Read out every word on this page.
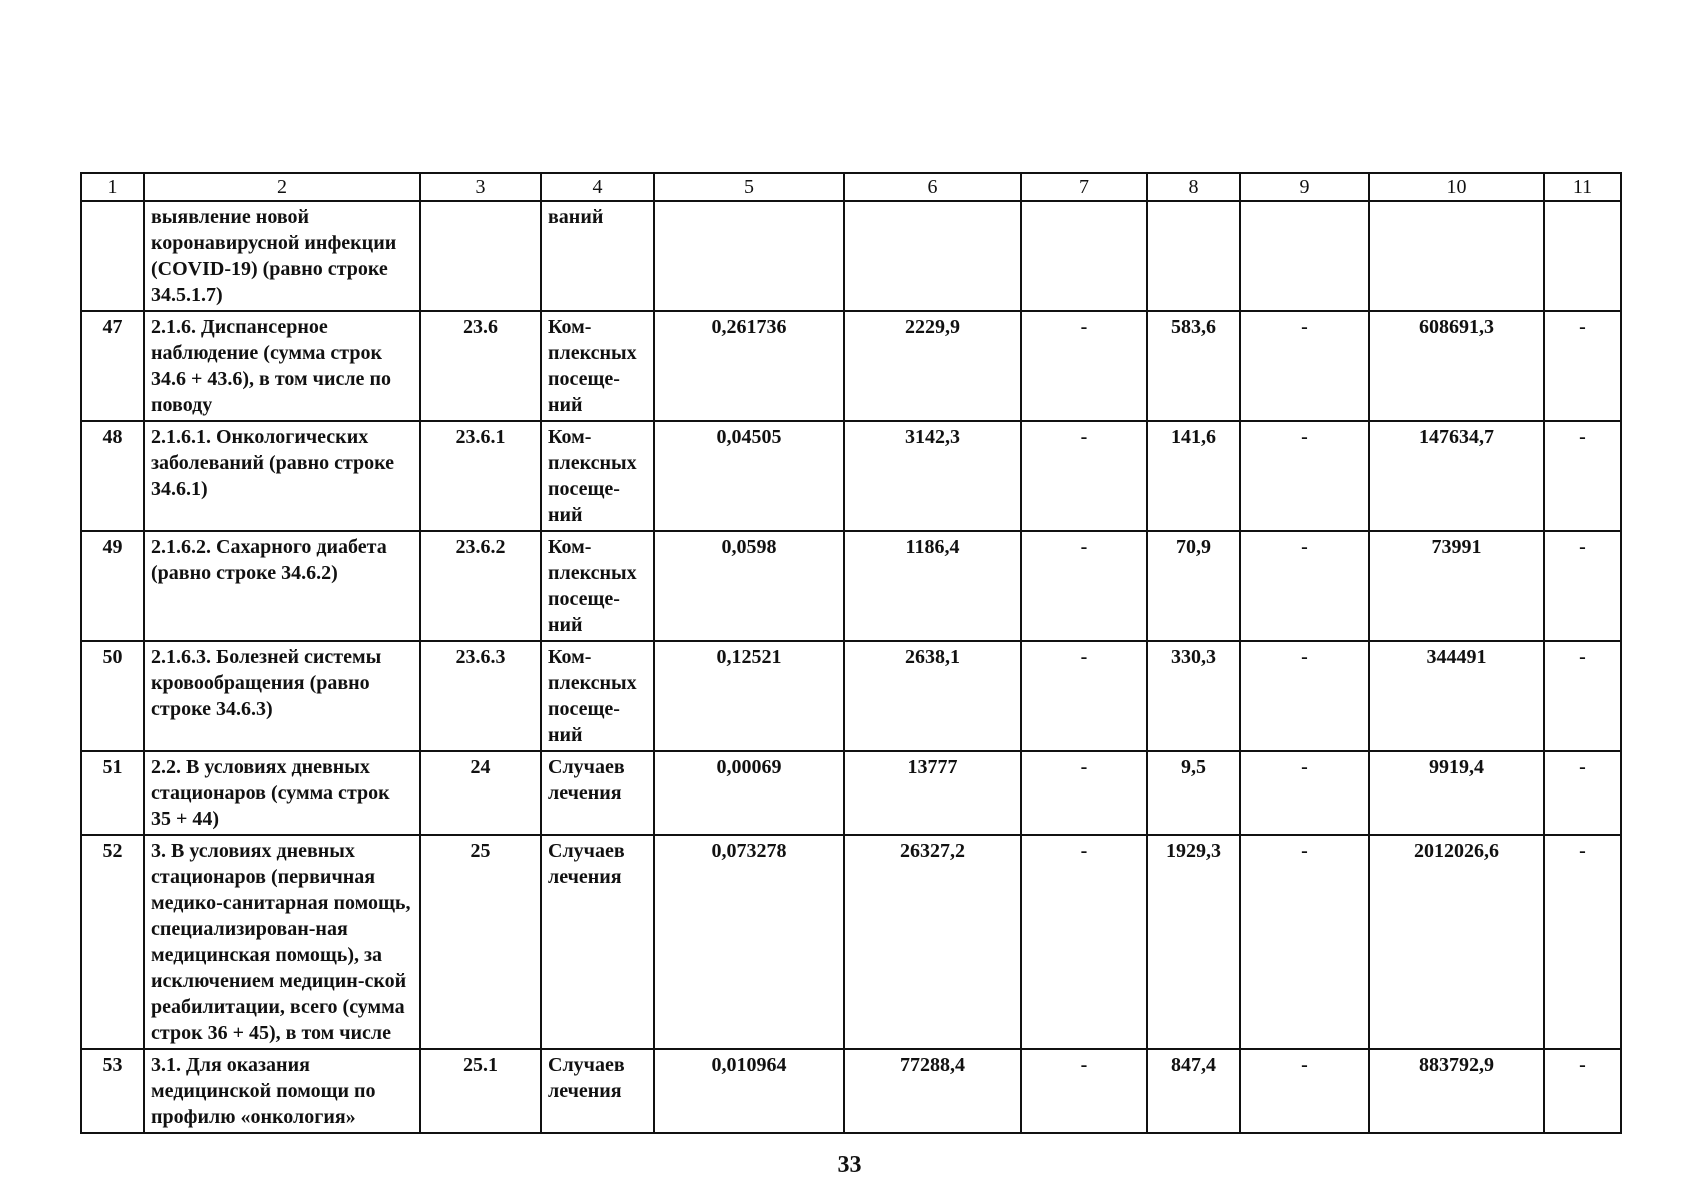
1	2	3	4	5	6	7	8	9	10	11
	выявление новой коронавирусной инфекции (COVID-19) (равно строке 34.5.1.7)		ваний							
47	2.1.6. Диспансерное наблюдение (сумма строк 34.6 + 43.6), в том числе по поводу	23.6	Ком-плексных посеще-ний	0,261736	2229,9	-	583,6	-	608691,3	-
48	2.1.6.1. Онкологических заболеваний (равно строке 34.6.1)	23.6.1	Ком-плексных посеще-ний	0,04505	3142,3	-	141,6	-	147634,7	-
49	2.1.6.2. Сахарного диабета (равно строке 34.6.2)	23.6.2	Ком-плексных посеще-ний	0,0598	1186,4	-	70,9	-	73991	-
50	2.1.6.3. Болезней системы кровообращения (равно строке 34.6.3)	23.6.3	Ком-плексных посеще-ний	0,12521	2638,1	-	330,3	-	344491	-
51	2.2. В условиях дневных стационаров (сумма строк 35 + 44)	24	Случаев лечения	0,00069	13777	-	9,5	-	9919,4	-
52	3. В условиях дневных стационаров (первичная медико-санитарная помощь, специализирован-ная медицинская помощь), за исключением медицин-ской реабилитации, всего (сумма строк 36 + 45), в том числе	25	Случаев лечения	0,073278	26327,2	-	1929,3	-	2012026,6	-
53	3.1. Для оказания медицинской помощи по профилю «онкология»	25.1	Случаев лечения	0,010964	77288,4	-	847,4	-	883792,9	-
33
